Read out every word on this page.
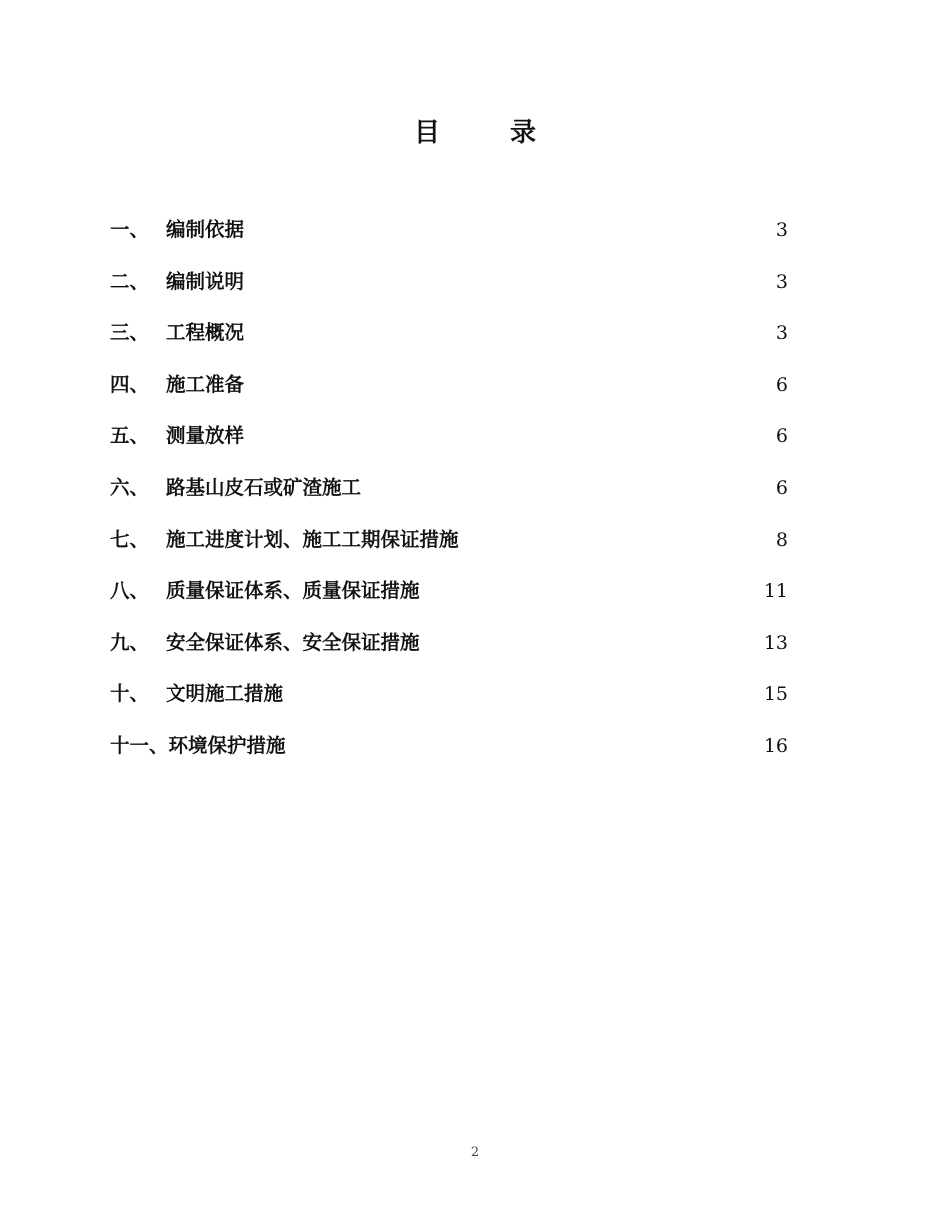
目	录
一、 编制依据	3
二、 编制说明	3
三、 工程概况	3
四、 施工准备	6
五、 测量放样	6
六、 路基山皮石或矿渣施工	6
七、 施工进度计划、施工工期保证措施	8
八、 质量保证体系、质量保证措施	11
九、 安全保证体系、安全保证措施	13
十、 文明施工措施	15
十一、 环境保护措施	16
2
